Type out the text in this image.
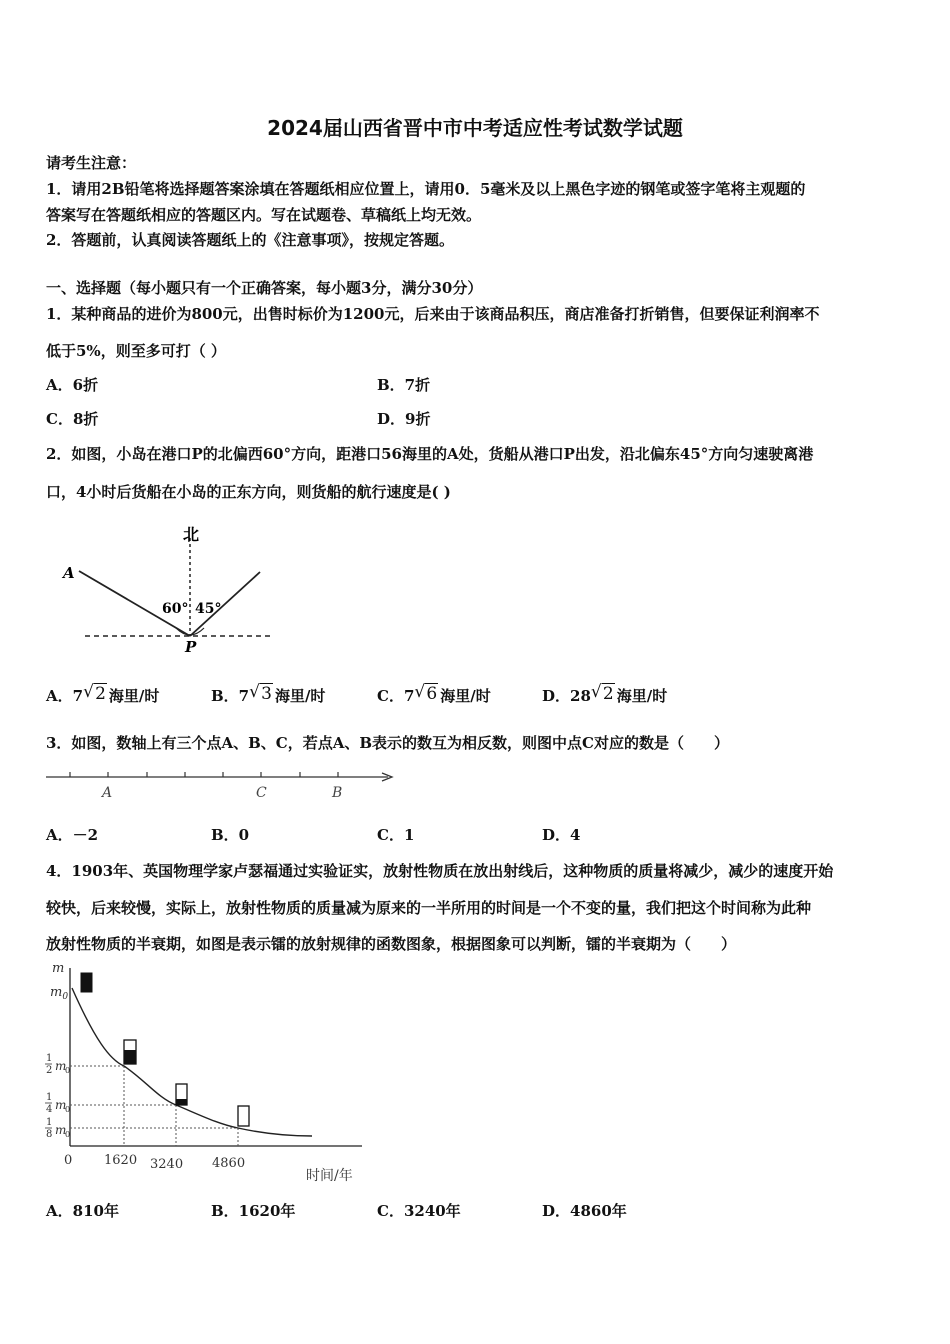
2024届山西省晋中市中考适应性考试数学试题
请考生注意：
1．请用2B铅笔将选择题答案涂填在答题纸相应位置上，请用0．5毫米及以上黑色字迹的钢笔或签字笔将主观题的
答案写在答题纸相应的答题区内。写在试题卷、草稿纸上均无效。
2．答题前，认真阅读答题纸上的《注意事项》，按规定答题。
一、选择题（每小题只有一个正确答案，每小题3分，满分30分）
1．某种商品的进价为800元，出售时标价为1200元，后来由于该商品积压，商店准备打折销售，但要保证利润率不
低于5%，则至多可打（ ）
A．6折	B．7折
C．8折	D．9折
2．如图，小岛在港口P的北偏西60°方向，距港口56海里的A处，货船从港口P出发，沿北偏东45°方向匀速驶离港
口，4小时后货船在小岛的正东方向，则货船的航行速度是( )
北
A
P
60° 45°
A．7 √ 2 海里/时	B．7 √ 3 海里/时	C．7 √ 6 海里/时	D．28 √ 2 海里/时
3．如图，数轴上有三个点A、B、C，若点A、B表示的数互为相反数，则图中点C对应的数是（　　）
A	C	B
A．－2	B．0	C．1	D．4
4．1903年、英国物理学家卢瑟福通过实验证实，放射性物质在放出射线后，这种物质的质量将减少，减少的速度开始
较快，后来较慢，实际上，放射性物质的质量减为原来的一半所用的时间是一个不变的量，我们把这个时间称为此种
放射性物质的半衰期，如图是表示镭的放射规律的函数图象，根据图象可以判断，镭的半衰期为（　　）
m
$m_0$
1
2 m
0
1
4 m
0
1
8 m
0
0 1620 3240 4860
时间/年
A．810年	B．1620年	C．3240年	D．4860年
